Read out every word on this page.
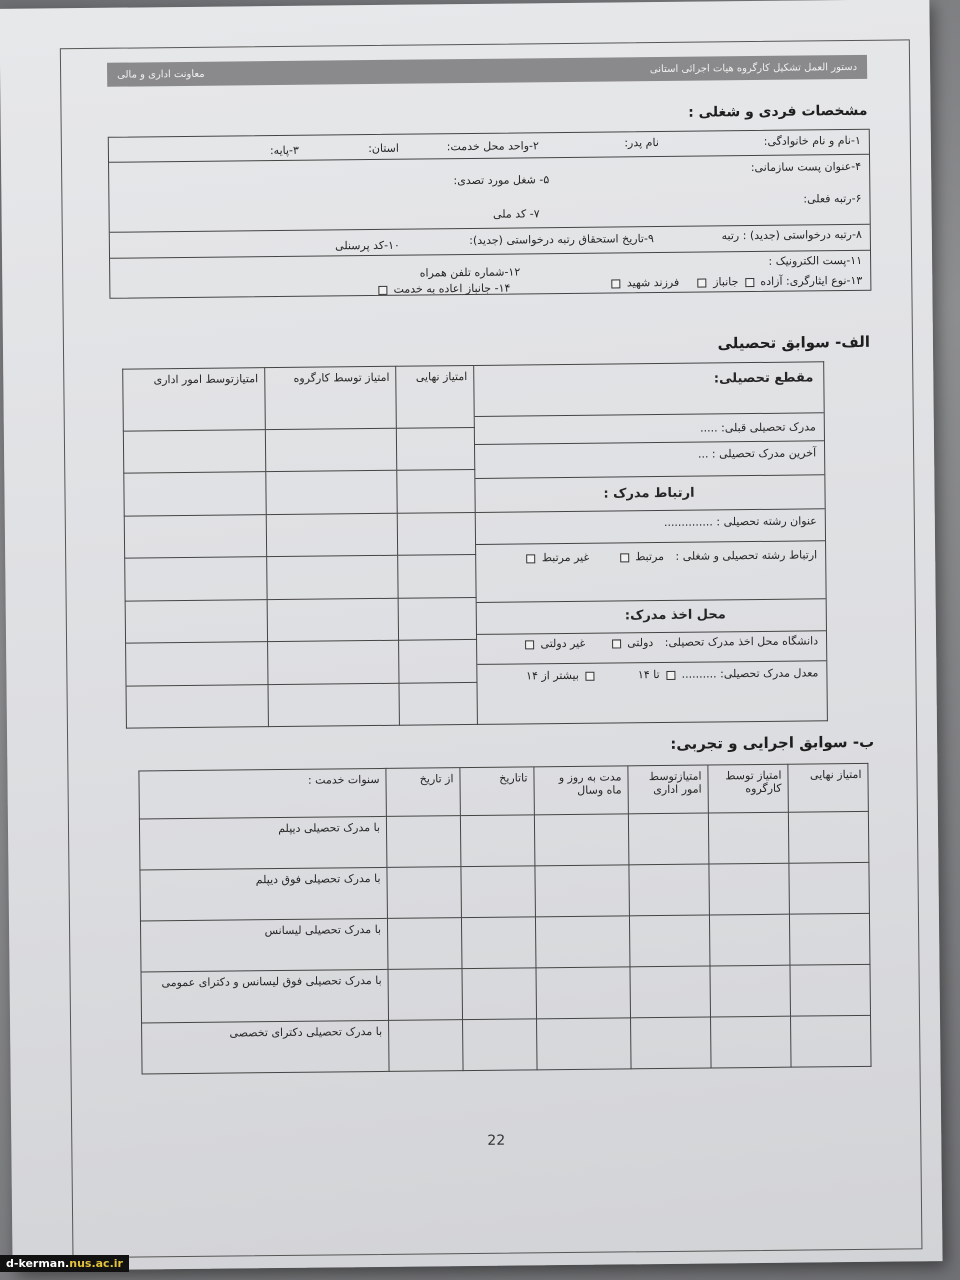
دستور العمل تشکیل کارگروه هیات اجرائی استانی
معاونت اداری و مالی
مشخصات فردی و شغلی :
۱-نام و نام خانوادگی:
نام پدر:
۲-واحد محل خدمت:
استان:
۳-پایه:
۴-عنوان پست سازمانی:
۵- شغل مورد تصدی:
۶-رتبه فعلی:
۷- کد ملی
۸-رتبه درخواستی (جدید) : رتبه
۹-تاریخ استحقاق رتبه درخواستی (جدید):
۱۰-کد پرسنلی
۱۱-پست الکترونیک :
۱۲-شماره تلفن همراه
۱۳-نوع ایثارگری: آزاده  جانباز  فرزند شهید
۱۴- جانباز اعاده به خدمت
الف- سوابق تحصیلی
امتیاز نهایی	امتیاز توسط کارگروه	امتیازتوسط امور اداری

			مقطع تحصیلی:
مدرک تحصیلی قبلی: .....
آخرین مدرک تحصیلی : ...
ارتباط مدرک :
عنوان رشته تحصیلی : ..............
ارتباط رشته تحصیلی و شغلی : مرتبط  غیر مرتبط
محل اخذ مدرک:
دانشگاه محل اخذ مدرک تحصیلی: دولتی  غیر دولتی
معدل مدرک تحصیلی: ..........  تا ۱۴  بیشتر از ۱۴
ب- سوابق اجرایی و تجربی:
امتیاز نهایی	امتیاز توسط کارگروه	امتیازتوسط امور اداری	مدت به روز و ماه وسال	تاتاریخ	از تاریخ	سنوات خدمت :
						با مدرک تحصیلی دیپلم
						با مدرک تحصیلی فوق دیپلم
						با مدرک تحصیلی لیسانس
						با مدرک تحصیلی فوق لیسانس و دکترای عمومی
						با مدرک تحصیلی دکترای تخصصی
22
d-kerman.nus.ac.ir
